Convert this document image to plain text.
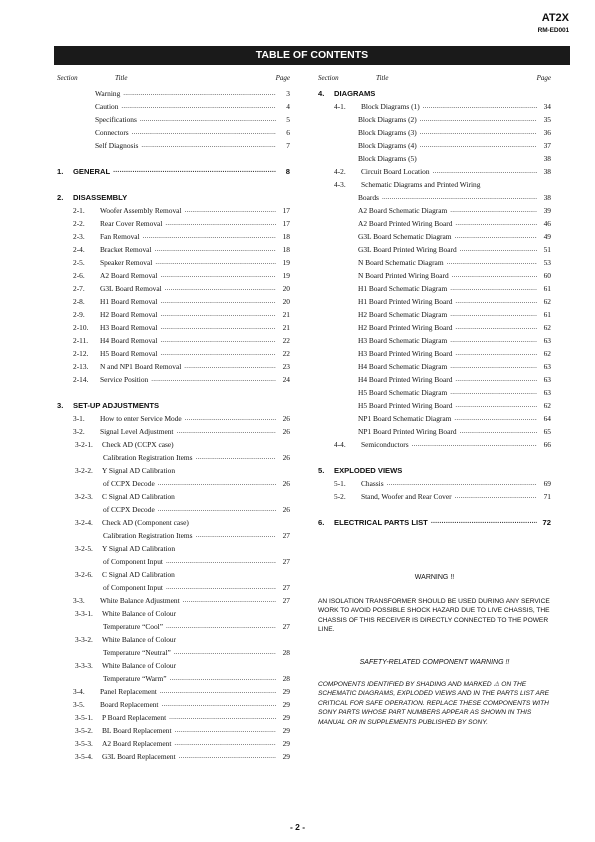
AT2X
RM-ED001
TABLE OF CONTENTS
Section	Title	Page
Warning .....	3
Caution .....	4
Specifications .....	5
Connectors .....	6
Self Diagnosis .....	7
1.	GENERAL .....	8
2.	DISASSEMBLY
2-1.	Woofer Assembly Removal .....	17
2-2.	Rear Cover Removal .....	17
2-3.	Fan Removal .....	18
2-4.	Bracket Removal .....	18
2-5.	Speaker Removal .....	19
2-6.	A2 Board Removal .....	19
2-7.	G3L Board Removal .....	20
2-8.	H1 Board Removal .....	20
2-9.	H2 Board Removal .....	21
2-10.	H3 Board Removal .....	21
2-11.	H4 Board Removal .....	22
2-12.	H5 Board Removal .....	22
2-13.	N and NP1 Board Removal .....	23
2-14.	Service Position .....	24
3.	SET-UP ADJUSTMENTS
3-1.	How to enter Service Mode .....	26
3-2.	Signal Level Adjustment .....	26
3-2-1.	Check AD (CCPX case)
Calibration Registration Items .....	26
3-2-2.	Y Signal AD Calibration
of CCPX Decode .....	26
3-2-3.	C Signal AD Calibration
of CCPX Decode .....	26
3-2-4.	Check AD (Component case)
Calibration Registration Items .....	27
3-2-5.	Y Signal AD Calibration
of Component Input .....	27
3-2-6.	C Signal AD Calibration
of Component Input .....	27
3-3.	White Balance Adjustment .....	27
3-3-1.	White Balance of Colour
Temperature “Cool” .....	27
3-3-2.	White Balance of Colour
Temperature “Neutral” .....	28
3-3-3.	White Balance of Colour
Temperature “Warm” .....	28
3-4.	Panel Replacement .....	29
3-5.	Board Replacement .....	29
3-5-1.	P Board Replacement .....	29
3-5-2.	BL Board Replacement .....	29
3-5-3.	A2 Board Replacement .....	29
3-5-4.	G3L Board Replacement .....	29
Section	Title	Page
4.	DIAGRAMS
4-1.	Block Diagrams (1) .....	34
Block Diagrams (2) .....	35
Block Diagrams (3) .....	36
Block Diagrams (4) .....	37
Block Diagrams (5)	38
4-2.	Circuit Board Location .....	38
4-3.	Schematic Diagrams and Printed Wiring
Boards .....	38
A2 Board Schematic Diagram .....	39
A2 Board Printed Wiring Board .....	46
G3L Board Schematic Diagram .....	49
G3L Board Printed Wiring Board .....	51
N Board Schematic Diagram .....	53
N Board Printed Wiring Board .....	60
H1 Board Schematic Diagram .....	61
H1 Board Printed Wiring Board .....	62
H2 Board Schematic Diagram .....	61
H2 Board Printed Wiring Board .....	62
H3 Board Schematic Diagram .....	63
H3 Board Printed Wiring Board .....	62
H4 Board Schematic Diagram .....	63
H4 Board Printed Wiring Board .....	63
H5 Board Schematic Diagram .....	63
H5 Board Printed Wiring Board .....	62
NP1 Board Schematic Diagram .....	64
NP1 Board Printed Wiring Board .....	65
4-4.	Semiconductors .....	66
5.	EXPLODED VIEWS
5-1.	Chassis .....	69
5-2.	Stand, Woofer and Rear Cover .....	71
6.	ELECTRICAL PARTS LIST .....	72
WARNING !!
AN ISOLATION TRANSFORMER SHOULD BE USED DURING ANY SERVICE WORK TO AVOID POSSIBLE SHOCK HAZARD DUE TO LIVE CHASSIS, THE CHASSIS OF THIS RECEIVER IS DIRECTLY CONNECTED TO THE POWER LINE.
SAFETY-RELATED COMPONENT WARNING !!
COMPONENTS IDENTIFIED BY SHADING AND MARKED ⚠ ON THE SCHEMATIC DIAGRAMS, EXPLODED VIEWS AND IN THE PARTS LIST ARE CRITICAL FOR SAFE OPERATION. REPLACE THESE COMPONENTS WITH SONY PARTS WHOSE PART NUMBERS APPEAR AS SHOWN IN THIS MANUAL OR IN SUPPLEMENTS PUBLISHED BY SONY.
- 2 -
